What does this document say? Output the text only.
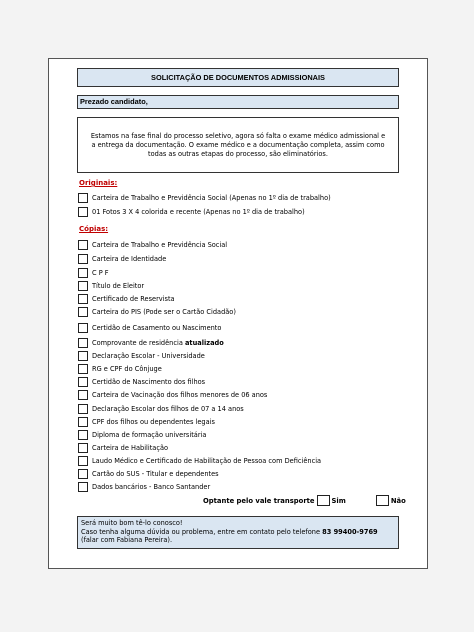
SOLICITAÇÃO DE DOCUMENTOS ADMISSIONAIS
Prezado candidato,
Estamos na fase final do processo seletivo, agora só falta o exame médico admissional e a entrega da documentação. O exame médico e a documentação completa, assim como todas as outras etapas do processo, são eliminatórios.
Originais:
Carteira de Trabalho e Previdência Social (Apenas no 1º dia de trabalho)
01 Fotos 3 X 4 colorida e recente (Apenas no 1º dia de trabalho)
Cópias:
Carteira de Trabalho e Previdência Social
Carteira de Identidade
C P F
Título de Eleitor
Certificado de Reservista
Carteira do PIS (Pode ser o Cartão Cidadão)
Certidão de Casamento ou Nascimento
Comprovante de residência atualizado
Declaração Escolar - Universidade
RG e CPF do Cônjuge
Certidão de Nascimento dos filhos
Carteira de Vacinação dos filhos menores de 06 anos
Declaração Escolar dos filhos de 07 a 14 anos
CPF dos filhos ou dependentes legais
Diploma de formação universitária
Carteira de Habilitação
Laudo Médico e Certificado de Habilitação de Pessoa com Deficiência
Cartão do SUS - Titular e dependentes
Dados bancários - Banco Santander
Optante pelo vale transporte	Sim	Não
Será muito bom tê-lo conosco!
Caso tenha alguma dúvida ou problema, entre em contato pelo telefone 83 99400-9769 (falar com Fabiana Pereira).
